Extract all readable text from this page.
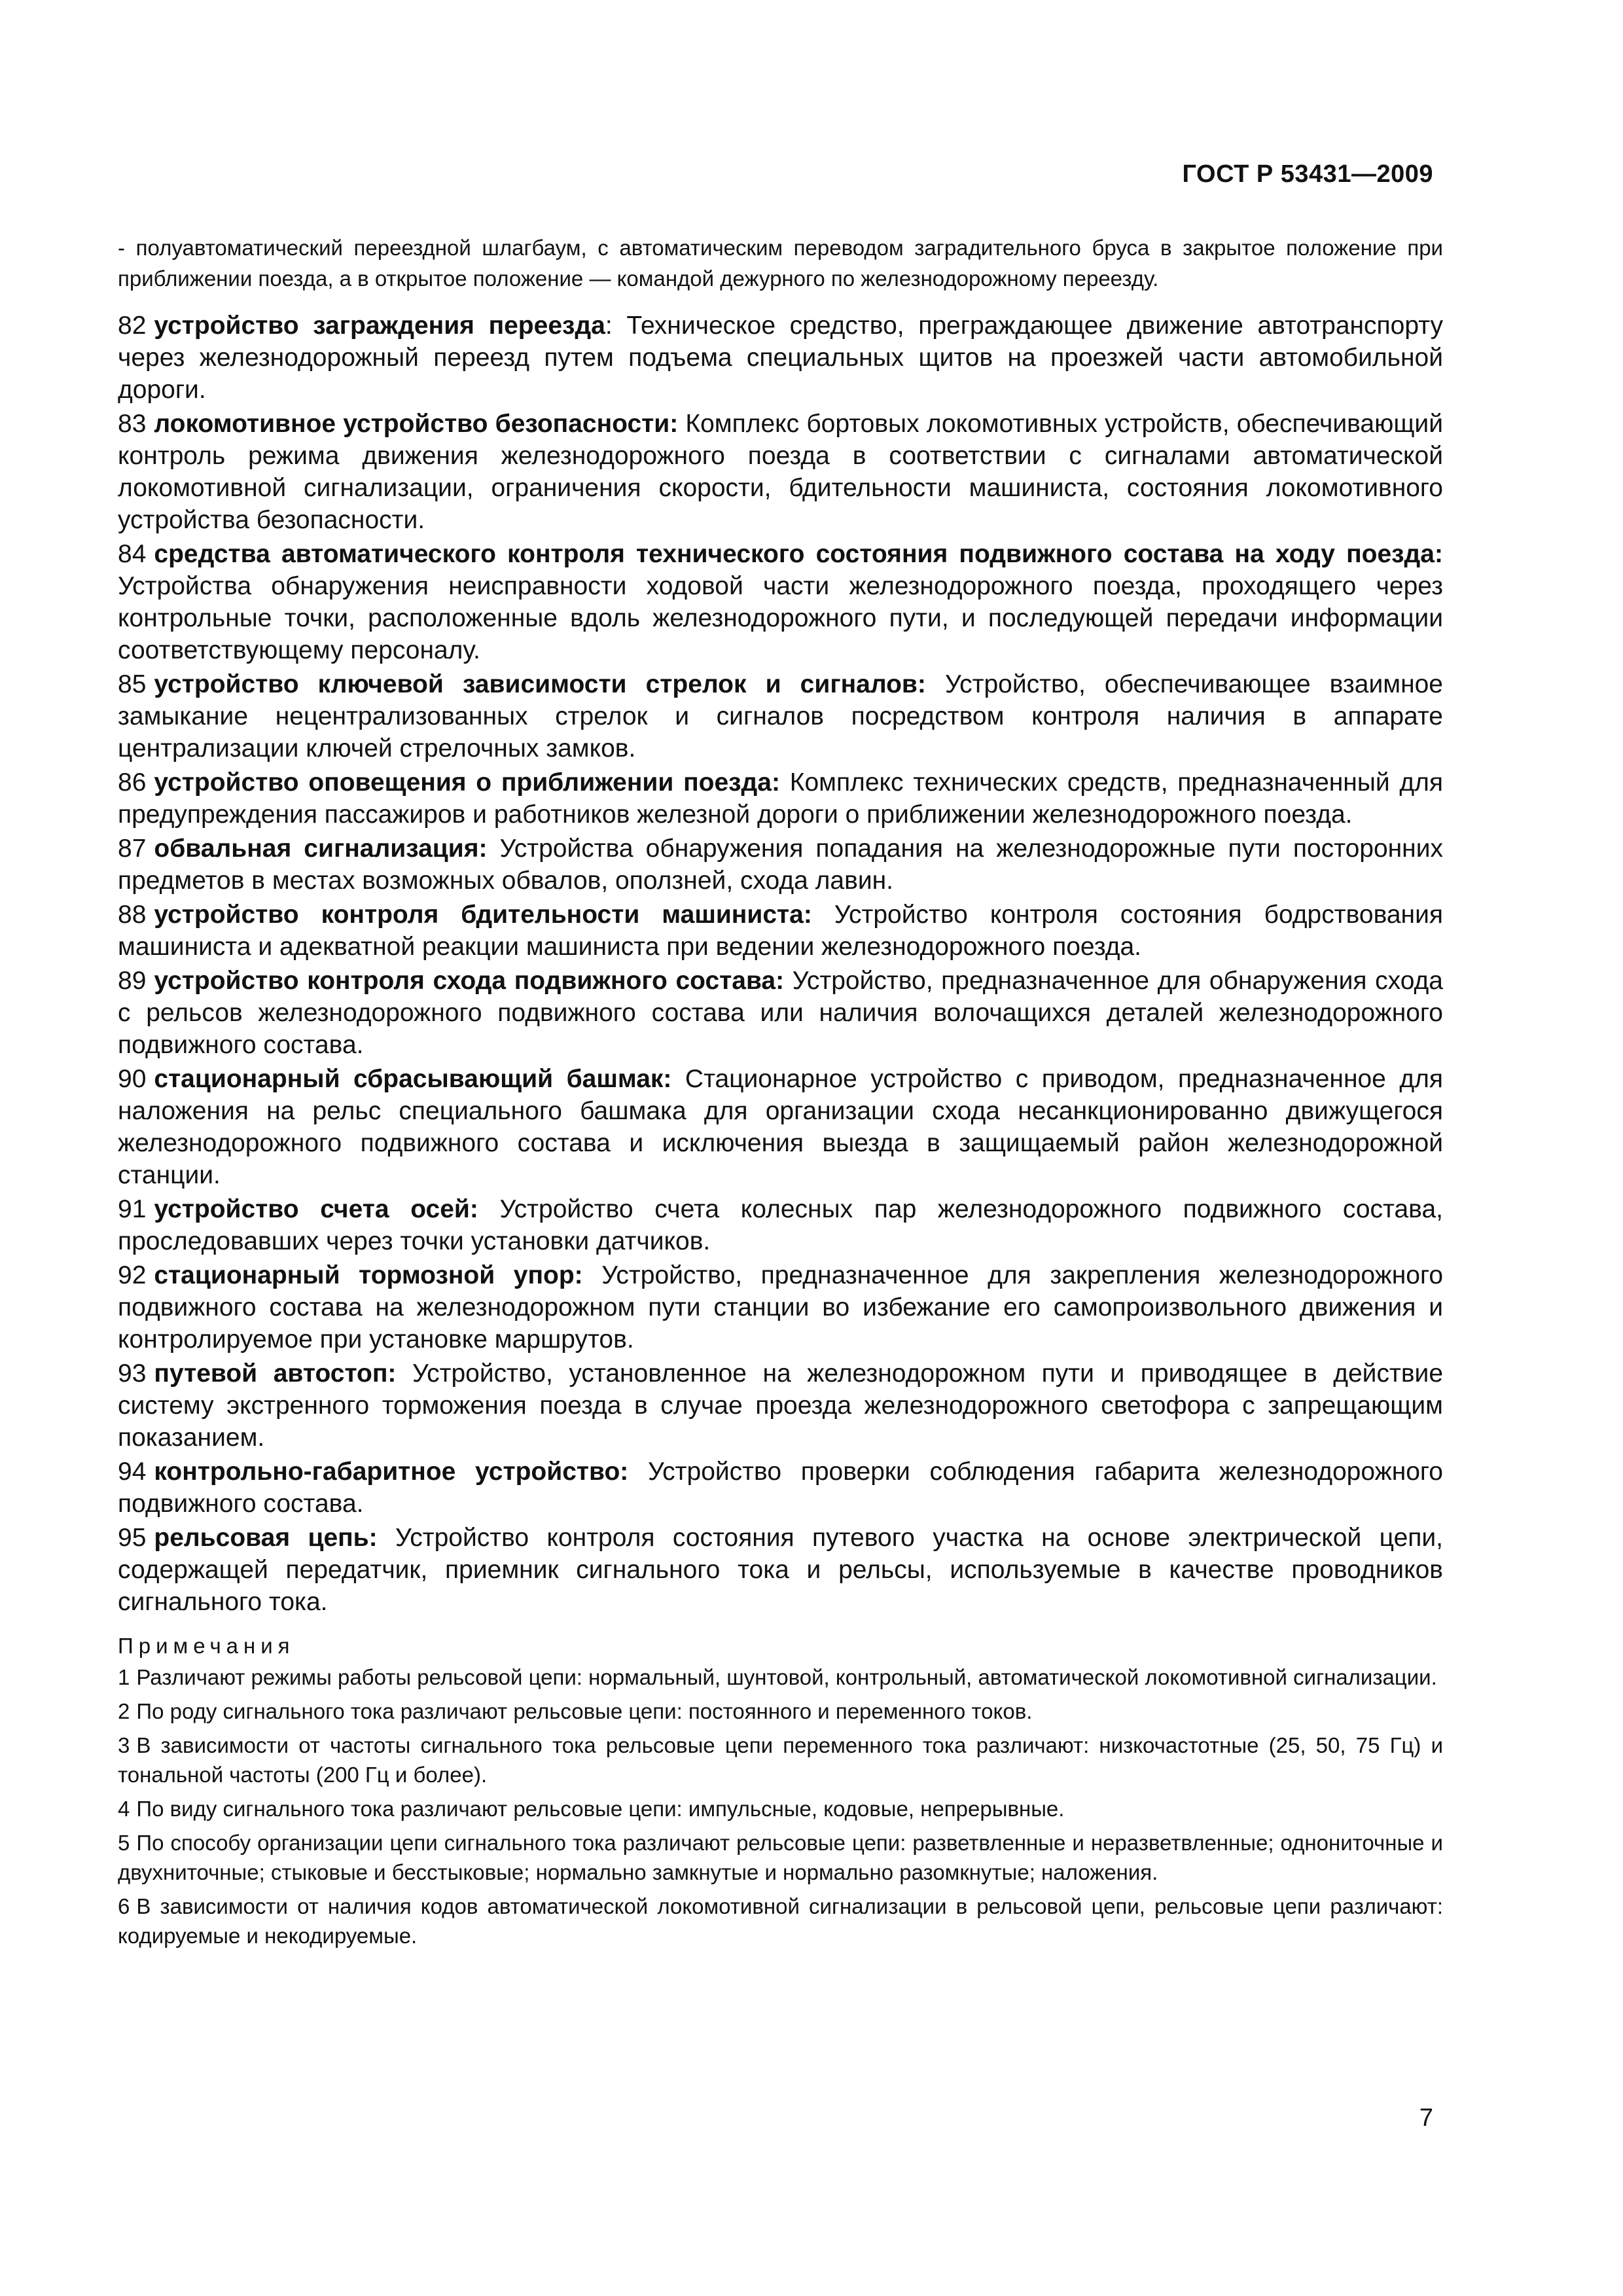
ГОСТ Р 53431—2009

- полуавтоматический переездной шлагбаум, с автоматическим переводом заградительного бруса в закрытое положение при приближении поезда, а в открытое положение — командой дежурного по железнодорожному переезду.

82 устройство заграждения переезда: Техническое средство, преграждающее движение автотранспорту через железнодорожный переезд путем подъема специальных щитов на проезжей части автомобильной дороги.

83 локомотивное устройство безопасности: Комплекс бортовых локомотивных устройств, обеспечивающий контроль режима движения железнодорожного поезда в соответствии с сигналами автоматической локомотивной сигнализации, ограничения скорости, бдительности машиниста, состояния локомотивного устройства безопасности.

84 средства автоматического контроля технического состояния подвижного состава на ходу поезда: Устройства обнаружения неисправности ходовой части железнодорожного поезда, проходящего через контрольные точки, расположенные вдоль железнодорожного пути, и последующей передачи информации соответствующему персоналу.

85 устройство ключевой зависимости стрелок и сигналов: Устройство, обеспечивающее взаимное замыкание нецентрализованных стрелок и сигналов посредством контроля наличия в аппарате централизации ключей стрелочных замков.

86 устройство оповещения о приближении поезда: Комплекс технических средств, предназначенный для предупреждения пассажиров и работников железной дороги о приближении железнодорожного поезда.

87 обвальная сигнализация: Устройства обнаружения попадания на железнодорожные пути посторонних предметов в местах возможных обвалов, оползней, схода лавин.

88 устройство контроля бдительности машиниста: Устройство контроля состояния бодрствования машиниста и адекватной реакции машиниста при ведении железнодорожного поезда.

89 устройство контроля схода подвижного состава: Устройство, предназначенное для обнаружения схода с рельсов железнодорожного подвижного состава или наличия волочащихся деталей железнодорожного подвижного состава.

90 стационарный сбрасывающий башмак: Стационарное устройство с приводом, предназначенное для наложения на рельс специального башмака для организации схода несанкционированно движущегося железнодорожного подвижного состава и исключения выезда в защищаемый район железнодорожной станции.

91 устройство счета осей: Устройство счета колесных пар железнодорожного подвижного состава, проследовавших через точки установки датчиков.

92 стационарный тормозной упор: Устройство, предназначенное для закрепления железнодорожного подвижного состава на железнодорожном пути станции во избежание его самопроизвольного движения и контролируемое при установке маршрутов.

93 путевой автостоп: Устройство, установленное на железнодорожном пути и приводящее в действие систему экстренного торможения поезда в случае проезда железнодорожного светофора с запрещающим показанием.

94 контрольно-габаритное устройство: Устройство проверки соблюдения габарита железнодорожного подвижного состава.

95 рельсовая цепь: Устройство контроля состояния путевого участка на основе электрической цепи, содержащей передатчик, приемник сигнального тока и рельсы, используемые в качестве проводников сигнального тока.

Примечания

1 Различают режимы работы рельсовой цепи: нормальный, шунтовой, контрольный, автоматической локомотивной сигнализации.

2 По роду сигнального тока различают рельсовые цепи: постоянного и переменного токов.

3 В зависимости от частоты сигнального тока рельсовые цепи переменного тока различают: низкочастотные (25, 50, 75 Гц) и тональной частоты (200 Гц и более).

4 По виду сигнального тока различают рельсовые цепи: импульсные, кодовые, непрерывные.

5 По способу организации цепи сигнального тока различают рельсовые цепи: разветвленные и неразветвленные; однониточные и двухниточные; стыковые и бесстыковые; нормально замкнутые и нормально разомкнутые; наложения.

6 В зависимости от наличия кодов автоматической локомотивной сигнализации в рельсовой цепи, рельсовые цепи различают: кодируемые и некодируемые.

7
